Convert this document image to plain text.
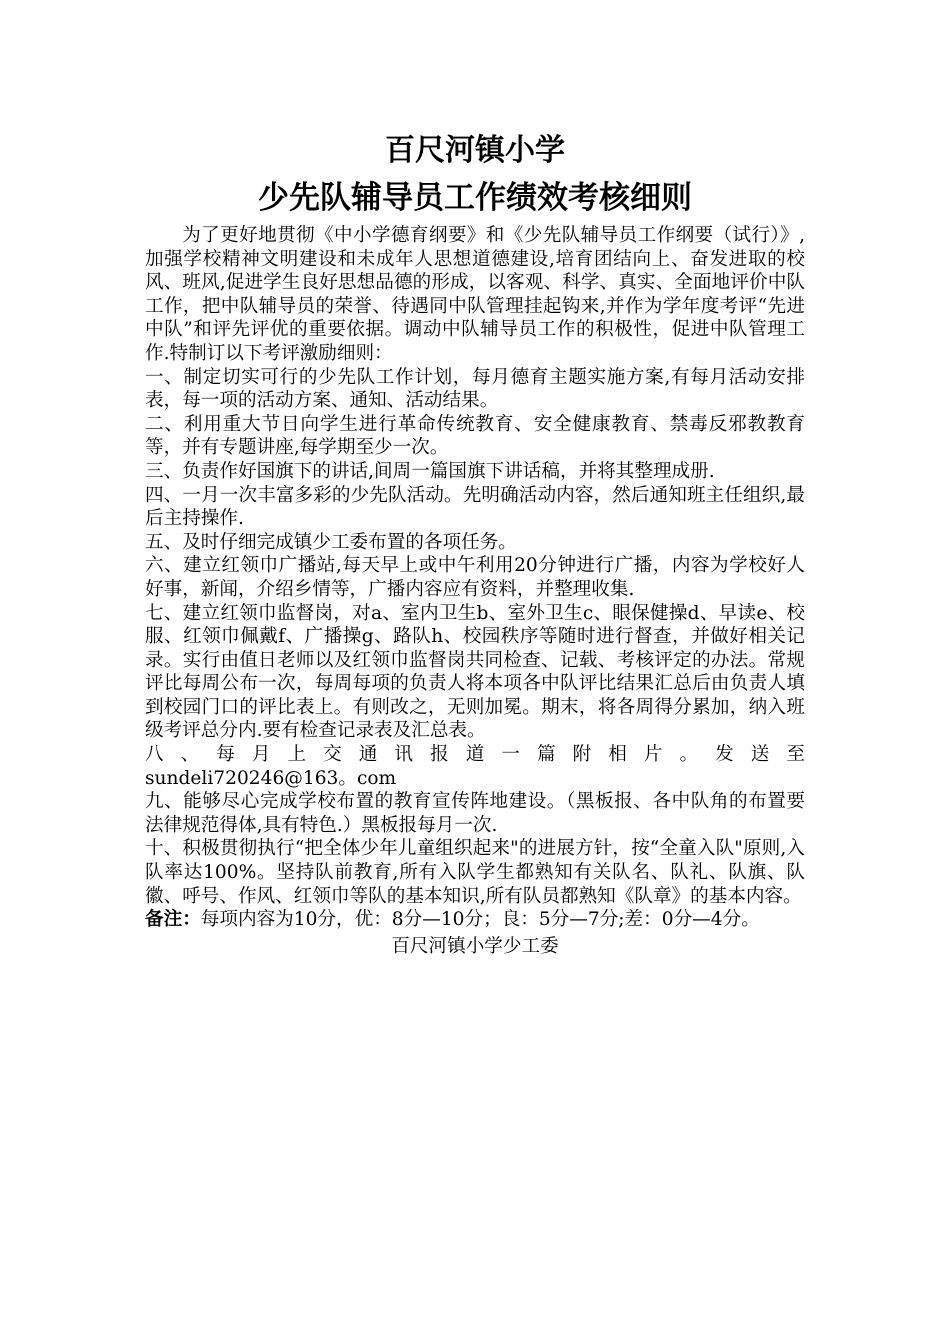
百尺河镇小学
少先队辅导员工作绩效考核细则

为了更好地贯彻《中小学德育纲要》和《少先队辅导员工作纲要（试行）》,加强学校精神文明建设和未成年人思想道德建设,培育团结向上、奋发进取的校风、班风,促进学生良好思想品德的形成，以客观、科学、真实、全面地评价中队工作，把中队辅导员的荣誉、待遇同中队管理挂起钩来,并作为学年度考评“先进中队”和评先评优的重要依据。调动中队辅导员工作的积极性，促进中队管理工作.特制订以下考评激励细则：

一、制定切实可行的少先队工作计划，每月德育主题实施方案,有每月活动安排表，每一项的活动方案、通知、活动结果。

二、利用重大节日向学生进行革命传统教育、安全健康教育、禁毒反邪教教育等，并有专题讲座,每学期至少一次。

三、负责作好国旗下的讲话,间周一篇国旗下讲话稿，并将其整理成册.

四、一月一次丰富多彩的少先队活动。先明确活动内容，然后通知班主任组织,最后主持操作.

五、及时仔细完成镇少工委布置的各项任务。

六、建立红领巾广播站,每天早上或中午利用20分钟进行广播，内容为学校好人好事，新闻，介绍乡情等，广播内容应有资料，并整理收集.

七、建立红领巾监督岗，对a、室内卫生b、室外卫生c、眼保健操d、早读e、校服、红领巾佩戴f、广播操g、路队h、校园秩序等随时进行督查，并做好相关记录。实行由值日老师以及红领巾监督岗共同检查、记载、考核评定的办法。常规评比每周公布一次，每周每项的负责人将本项各中队评比结果汇总后由负责人填到校园门口的评比表上。有则改之，无则加冕。期末，将各周得分累加，纳入班级考评总分内.要有检查记录表及汇总表。

八、每月上交通讯报道一篇附相片。发送至

sundeli720246@163。com

九、能够尽心完成学校布置的教育宣传阵地建设。（黑板报、各中队角的布置要法律规范得体,具有特色.）黑板报每月一次.

十、积极贯彻执行“把全体少年儿童组织起来"的进展方针，按“全童入队"原则,入队率达100%。坚持队前教育,所有入队学生都熟知有关队名、队礼、队旗、队徽、呼号、作风、红领巾等队的基本知识,所有队员都熟知《队章》的基本内容。

备注：每项内容为10分，优：8分—10分；良：5分—7分;差：0分—4分。

百尺河镇小学少工委
